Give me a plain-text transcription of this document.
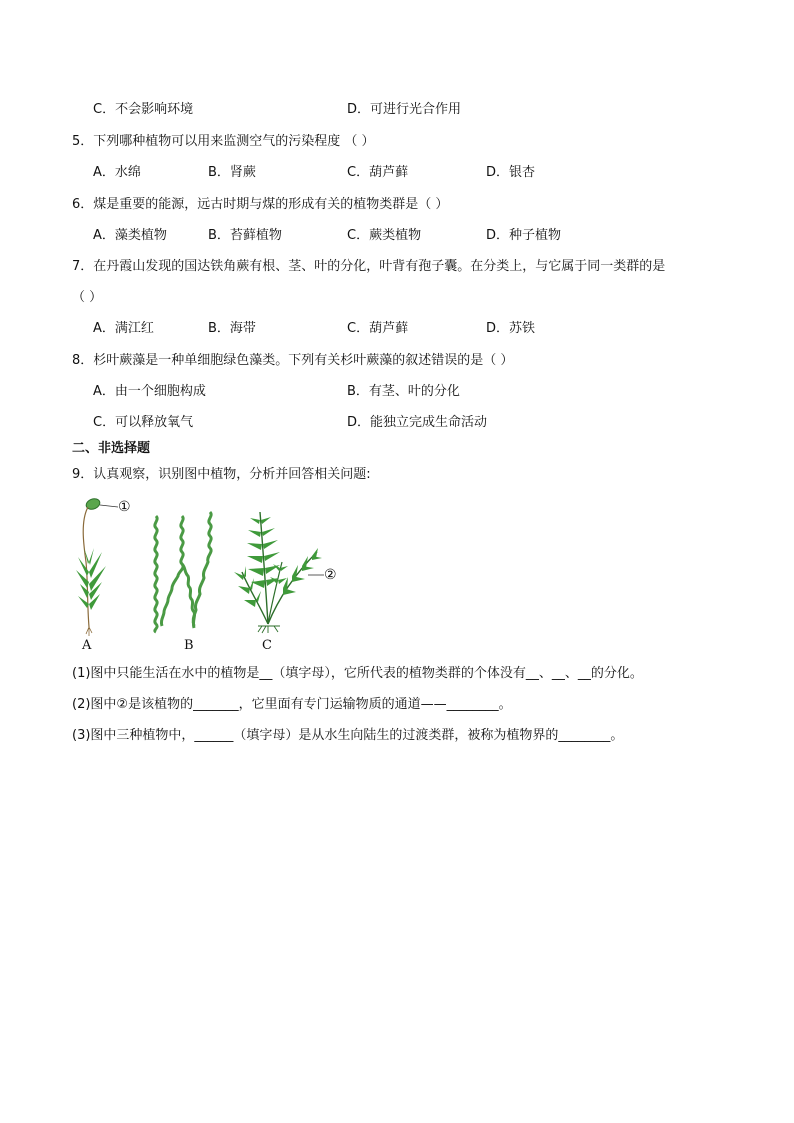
C．不会影响环境	D．可进行光合作用
5．下列哪种植物可以用来监测空气的污染程度 （ ）
A．水绵	B．肾蕨	C．葫芦藓	D．银杏
6．煤是重要的能源，远古时期与煤的形成有关的植物类群是（ ）
A．藻类植物	B．苔藓植物	C．蕨类植物	D．种子植物
7．在丹霞山发现的国达铁角蕨有根、茎、叶的分化，叶背有孢子囊。在分类上，与它属于同一类群的是
（ ）
A．满江红	B．海带	C．葫芦藓	D．苏铁
8．杉叶蕨藻是一种单细胞绿色藻类。下列有关杉叶蕨藻的叙述错误的是（ ）
A．由一个细胞构成	B．有茎、叶的分化
C．可以释放氧气	D．能独立完成生命活动
二、非选择题
9．认真观察，识别图中植物，分析并回答相关问题:
①
②
A	B	C
(1)图中只能生活在水中的植物是__（填字母），它所代表的植物类群的个体没有__、__、__的分化。
(2)图中②是该植物的_______，它里面有专门运输物质的通道——________。
(3)图中三种植物中，______（填字母）是从水生向陆生的过渡类群，被称为植物界的________。
